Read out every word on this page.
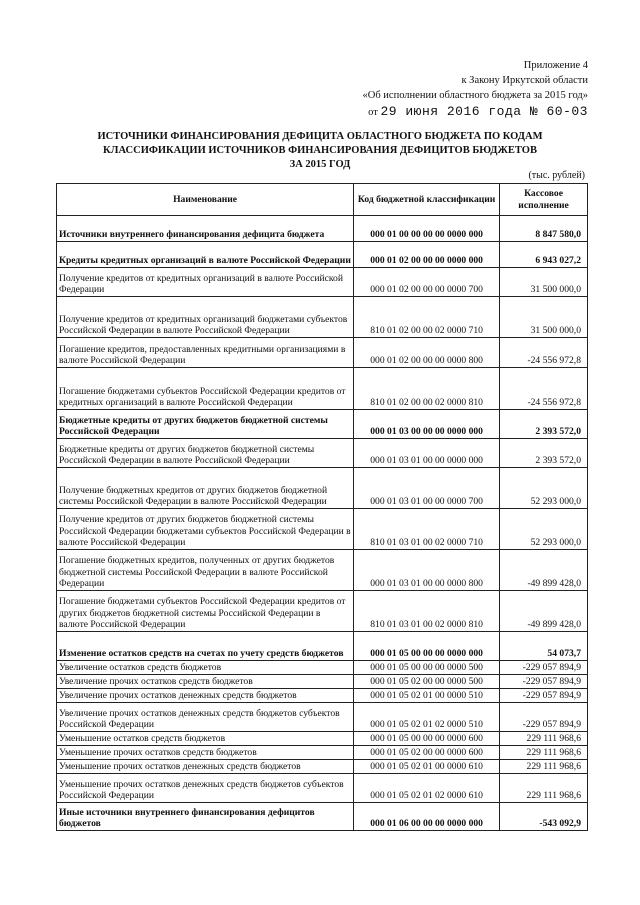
Приложение 4
к Закону Иркутской области
«Об исполнении областного бюджета за 2015 год»
от 29 июня 2016 года № 60-03
ИСТОЧНИКИ ФИНАНСИРОВАНИЯ ДЕФИЦИТА ОБЛАСТНОГО БЮДЖЕТА ПО КОДАМ
КЛАССИФИКАЦИИ ИСТОЧНИКОВ ФИНАНСИРОВАНИЯ ДЕФИЦИТОВ БЮДЖЕТОВ
ЗА 2015 ГОД
(тыс. рублей)
Наименование	Код бюджетной классификации	Кассовое исполнение
Источники внутреннего финансирования дефицита бюджета	000 01 00 00 00 00 0000 000	8 847 580,0
Кредиты кредитных организаций в валюте Российской Федерации	000 01 02 00 00 00 0000 000	6 943 027,2
Получение кредитов от кредитных организаций в валюте Российской Федерации	000 01 02 00 00 00 0000 700	31 500 000,0
Получение кредитов от кредитных организаций бюджетами субъектов Российской Федерации в валюте Российской Федерации	810 01 02 00 00 02 0000 710	31 500 000,0
Погашение кредитов, предоставленных кредитными организациями в валюте Российской Федерации	000 01 02 00 00 00 0000 800	-24 556 972,8
Погашение бюджетами субъектов Российской Федерации кредитов от кредитных организаций в валюте Российской Федерации	810 01 02 00 00 02 0000 810	-24 556 972,8
Бюджетные кредиты от других бюджетов бюджетной системы Российской Федерации	000 01 03 00 00 00 0000 000	2 393 572,0
Бюджетные кредиты от других бюджетов бюджетной системы Российской Федерации в валюте Российской Федерации	000 01 03 01 00 00 0000 000	2 393 572,0
Получение бюджетных кредитов от других бюджетов бюджетной системы Российской Федерации в валюте Российской Федерации	000 01 03 01 00 00 0000 700	52 293 000,0
Получение кредитов от других бюджетов бюджетной системы Российской Федерации бюджетами субъектов Российской Федерации в валюте Российской Федерации	810 01 03 01 00 02 0000 710	52 293 000,0
Погашение бюджетных кредитов, полученных от других бюджетов бюджетной системы Российской Федерации в валюте Российской Федерации	000 01 03 01 00 00 0000 800	-49 899 428,0
Погашение бюджетами субъектов Российской Федерации кредитов от других бюджетов бюджетной системы Российской Федерации в валюте Российской Федерации	810 01 03 01 00 02 0000 810	-49 899 428,0
Изменение остатков средств на счетах по учету средств бюджетов	000 01 05 00 00 00 0000 000	54 073,7
Увеличение остатков средств бюджетов	000 01 05 00 00 00 0000 500	-229 057 894,9
Увеличение прочих остатков средств бюджетов	000 01 05 02 00 00 0000 500	-229 057 894,9
Увеличение прочих остатков денежных средств бюджетов	000 01 05 02 01 00 0000 510	-229 057 894,9
Увеличение прочих остатков денежных средств бюджетов субъектов Российской Федерации	000 01 05 02 01 02 0000 510	-229 057 894,9
Уменьшение остатков средств бюджетов	000 01 05 00 00 00 0000 600	229 111 968,6
Уменьшение прочих остатков средств бюджетов	000 01 05 02 00 00 0000 600	229 111 968,6
Уменьшение прочих остатков денежных средств бюджетов	000 01 05 02 01 00 0000 610	229 111 968,6
Уменьшение прочих остатков денежных средств бюджетов субъектов Российской Федерации	000 01 05 02 01 02 0000 610	229 111 968,6
Иные источники внутреннего финансирования дефицитов бюджетов	000 01 06 00 00 00 0000 000	-543 092,9
